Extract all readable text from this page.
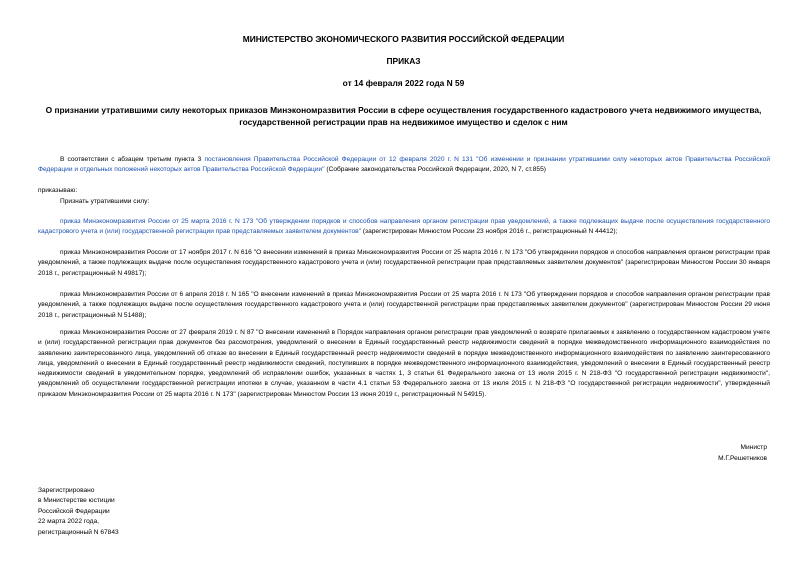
МИНИСТЕРСТВО ЭКОНОМИЧЕСКОГО РАЗВИТИЯ РОССИЙСКОЙ ФЕДЕРАЦИИ
ПРИКАЗ
от 14 февраля 2022 года N 59
О признании утратившими силу некоторых приказов Минэкономразвития России в сфере осуществления государственного кадастрового учета недвижимого имущества, государственной регистрации прав на недвижимое имущество и сделок с ним
В соответствии с абзацем третьим пункта 3 постановления Правительства Российской Федерации от 12 февраля 2020 г. N 131 "Об изменении и признании утратившими силу некоторых актов Правительства Российской Федерации и отдельных положений некоторых актов Правительства Российской Федерации" (Собрание законодательства Российской Федерации, 2020, N 7, ст.855)
приказываю:
Признать утратившими силу:
приказ Минэкономразвития России от 25 марта 2016 г. N 173 "Об утверждении порядков и способов направления органом регистрации прав уведомлений, а также подлежащих выдаче после осуществления государственного кадастрового учета и (или) государственной регистрации прав представляемых заявителем документов" (зарегистрирован Минюстом России 23 ноября 2016 г., регистрационный N 44412);
приказ Минэкономразвития России от 17 ноября 2017 г. N 616 "О внесении изменений в приказ Минэкономразвития России от 25 марта 2016 г. N 173 "Об утверждении порядков и способов направления органом регистрации прав уведомлений, а также подлежащих выдаче после осуществления государственного кадастрового учета и (или) государственной регистрации прав представляемых заявителем документов" (зарегистрирован Минюстом России 30 января 2018 г., регистрационный N 49817);
приказ Минэкономразвития России от 6 апреля 2018 г. N 165 "О внесении изменений в приказ Минэкономразвития России от 25 марта 2016 г. N 173 "Об утверждении порядков и способов направления органом регистрации прав уведомлений, а также подлежащих выдаче после осуществления государственного кадастрового учета и (или) государственной регистрации прав представляемых заявителем документов" (зарегистрирован Минюстом России 29 июня 2018 г., регистрационный N 51488);
приказ Минэкономразвития России от 27 февраля 2019 г. N 87 "О внесении изменений в Порядок направления органом регистрации прав уведомлений о возврате прилагаемых к заявлению о государственном кадастровом учете и (или) государственной регистрации прав документов без рассмотрения, уведомлений о внесении в Единый государственный реестр недвижимости сведений в порядке межведомственного информационного взаимодействия по заявлению заинтересованного лица, уведомлений об отказе во внесении в Единый государственный реестр недвижимости сведений в порядке межведомственного информационного взаимодействия по заявлению заинтересованного лица, уведомлений о внесении в Единый государственный реестр недвижимости сведений, поступивших в порядке межведомственного информационного взаимодействия, уведомлений о внесении в Единый государственный реестр недвижимости сведений в уведомительном порядке, уведомлений об исправлении ошибок, указанных в частях 1, 3 статьи 61 Федерального закона от 13 июля 2015 г. N 218-ФЗ "О государственной регистрации недвижимости", уведомлений об осуществлении государственной регистрации ипотеки в случае, указанном в части 4.1 статьи 53 Федерального закона от 13 июля 2015 г. N 218-ФЗ "О государственной регистрации недвижимости", утвержденный приказом Минэкономразвития России от 25 марта 2016 г. N 173" (зарегистрирован Минюстом России 13 июня 2019 г., регистрационный N 54915).
Министр
М.Г.Решетников
Зарегистрировано
в Министерстве юстиции
Российской Федерации
22 марта 2022 года,
регистрационный N 67843
